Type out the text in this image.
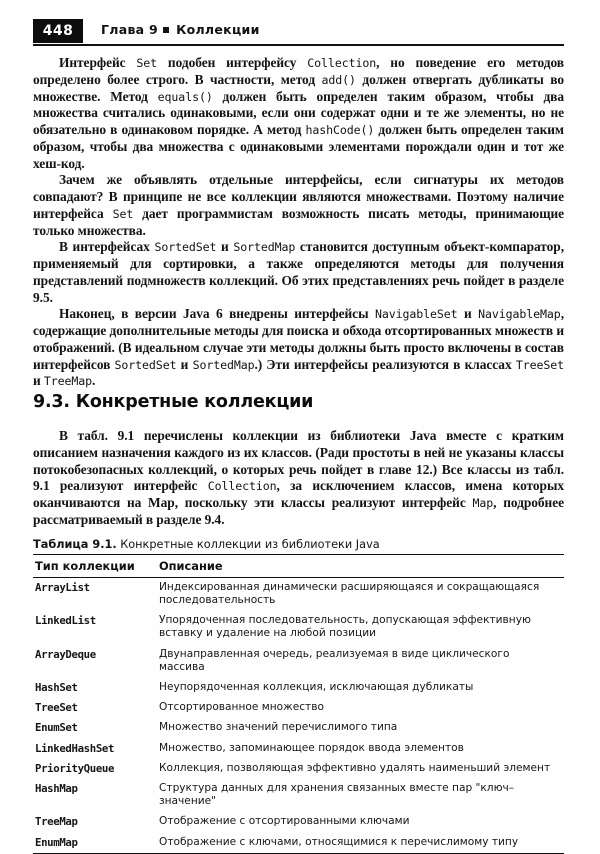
448 Глава 9 Коллекции

Интерфейс Set подобен интерфейсу Collection, но поведение его методов определено более строго. В частности, метод add() должен отвергать дубликаты во множестве. Метод equals() должен быть определен таким образом, чтобы два множества считались одинаковыми, если они содержат одни и те же элементы, но не обязательно в одинаковом порядке. А метод hashCode() должен быть определен таким образом, чтобы два множества с одинаковыми элементами порождали один и тот же хеш-код.

Зачем же объявлять отдельные интерфейсы, если сигнатуры их методов совпадают? В принципе не все коллекции являются множествами. Поэтому наличие интерфейса Set дает программистам возможность писать методы, принимающие только множества.

В интерфейсах SortedSet и SortedMap становится доступным объект-компаратор, применяемый для сортировки, а также определяются методы для получения представлений подмножеств коллекций. Об этих представлениях речь пойдет в разделе 9.5.

Наконец, в версии Java 6 внедрены интерфейсы NavigableSet и NavigableMap, содержащие дополнительные методы для поиска и обхода отсортированных множеств и отображений. (В идеальном случае эти методы должны быть просто включены в состав интерфейсов SortedSet и SortedMap.) Эти интерфейсы реализуются в классах TreeSet и TreeMap.

9.3. Конкретные коллекции

В табл. 9.1 перечислены коллекции из библиотеки Java вместе с кратким описанием назначения каждого из их классов. (Ради простоты в ней не указаны классы потокобезопасных коллекций, о которых речь пойдет в главе 12.) Все классы из табл. 9.1 реализуют интерфейс Collection, за исключением классов, имена которых оканчиваются на Map, поскольку эти классы реализуют интерфейс Map, подробнее рассматриваемый в разделе 9.4.

Таблица 9.1. Конкретные коллекции из библиотеки Java
Тип коллекции	Описание
ArrayList	Индексированная динамически расширяющаяся и сокращающаяся последовательность
LinkedList	Упорядоченная последовательность, допускающая эффективную вставку и удаление на любой позиции
ArrayDeque	Двунаправленная очередь, реализуемая в виде циклического массива
HashSet	Неупорядоченная коллекция, исключающая дубликаты
TreeSet	Отсортированное множество
EnumSet	Множество значений перечислимого типа
LinkedHashSet	Множество, запоминающее порядок ввода элементов
PriorityQueue	Коллекция, позволяющая эффективно удалять наименьший элемент
HashMap	Структура данных для хранения связанных вместе пар "ключ–значение"
TreeMap	Отображение с отсортированными ключами
EnumMap	Отображение с ключами, относящимися к перечислимому типу
